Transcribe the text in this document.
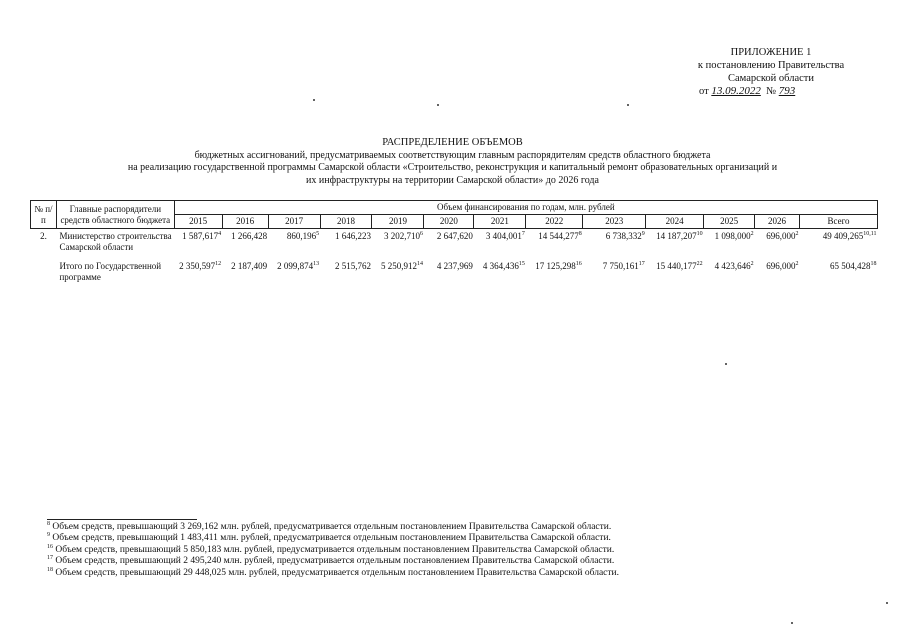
ПРИЛОЖЕНИЕ 1
к постановлению Правительства
Самарской области
от 13.09.2022 № 793
РАСПРЕДЕЛЕНИЕ ОБЪЕМОВ
бюджетных ассигнований, предусматриваемых соответствующим главным распорядителям средств областного бюджета
на реализацию государственной программы Самарской области «Строительство, реконструкция и капитальный ремонт образовательных организаций и
их инфраструктуры на территории Самарской области» до 2026 года
№ п/п	Главные распорядители средств областного бюджета	Объем финансирования по годам, млн. рублей												
		2015	2016	2017	2018	2019	2020	2021	2022	2023	2024	2025	2026	Всего
2.	Министерство строительства Самарской области	1 587,617$^4$	1 266,428	860,196$^5$	1 646,223	3 202,710$^6$	2 647,620	3 404,001$^7$	14 544,277$^8$	6 738,332$^9$	14 187,207$^{10}$	1 098,000$^2$	696,000$^2$	49 409,265$^{10,11}$

	Итого по Государственной программе	2 350,597$^{12}$	2 187,409	2 099,874$^{13}$	2 515,762	5 250,912$^{14}$	4 237,969	4 364,436$^{15}$	17 125,298$^{16}$	7 750,161$^{17}$	15 440,177$^{22}$	4 423,646$^2$	696,000$^2$	65 504,428$^{18}$
$^8$ Объем средств, превышающий 3 269,162 млн. рублей, предусматривается отдельным постановлением Правительства Самарской области.
$^9$ Объем средств, превышающий 1 483,411 млн. рублей, предусматривается отдельным постановлением Правительства Самарской области.
$^{16}$ Объем средств, превышающий 5 850,183 млн. рублей, предусматривается отдельным постановлением Правительства Самарской области.
$^{17}$ Объем средств, превышающий 2 495,240 млн. рублей, предусматривается отдельным постановлением Правительства Самарской области.
$^{18}$ Объем средств, превышающий 29 448,025 млн. рублей, предусматривается отдельным постановлением Правительства Самарской области.
